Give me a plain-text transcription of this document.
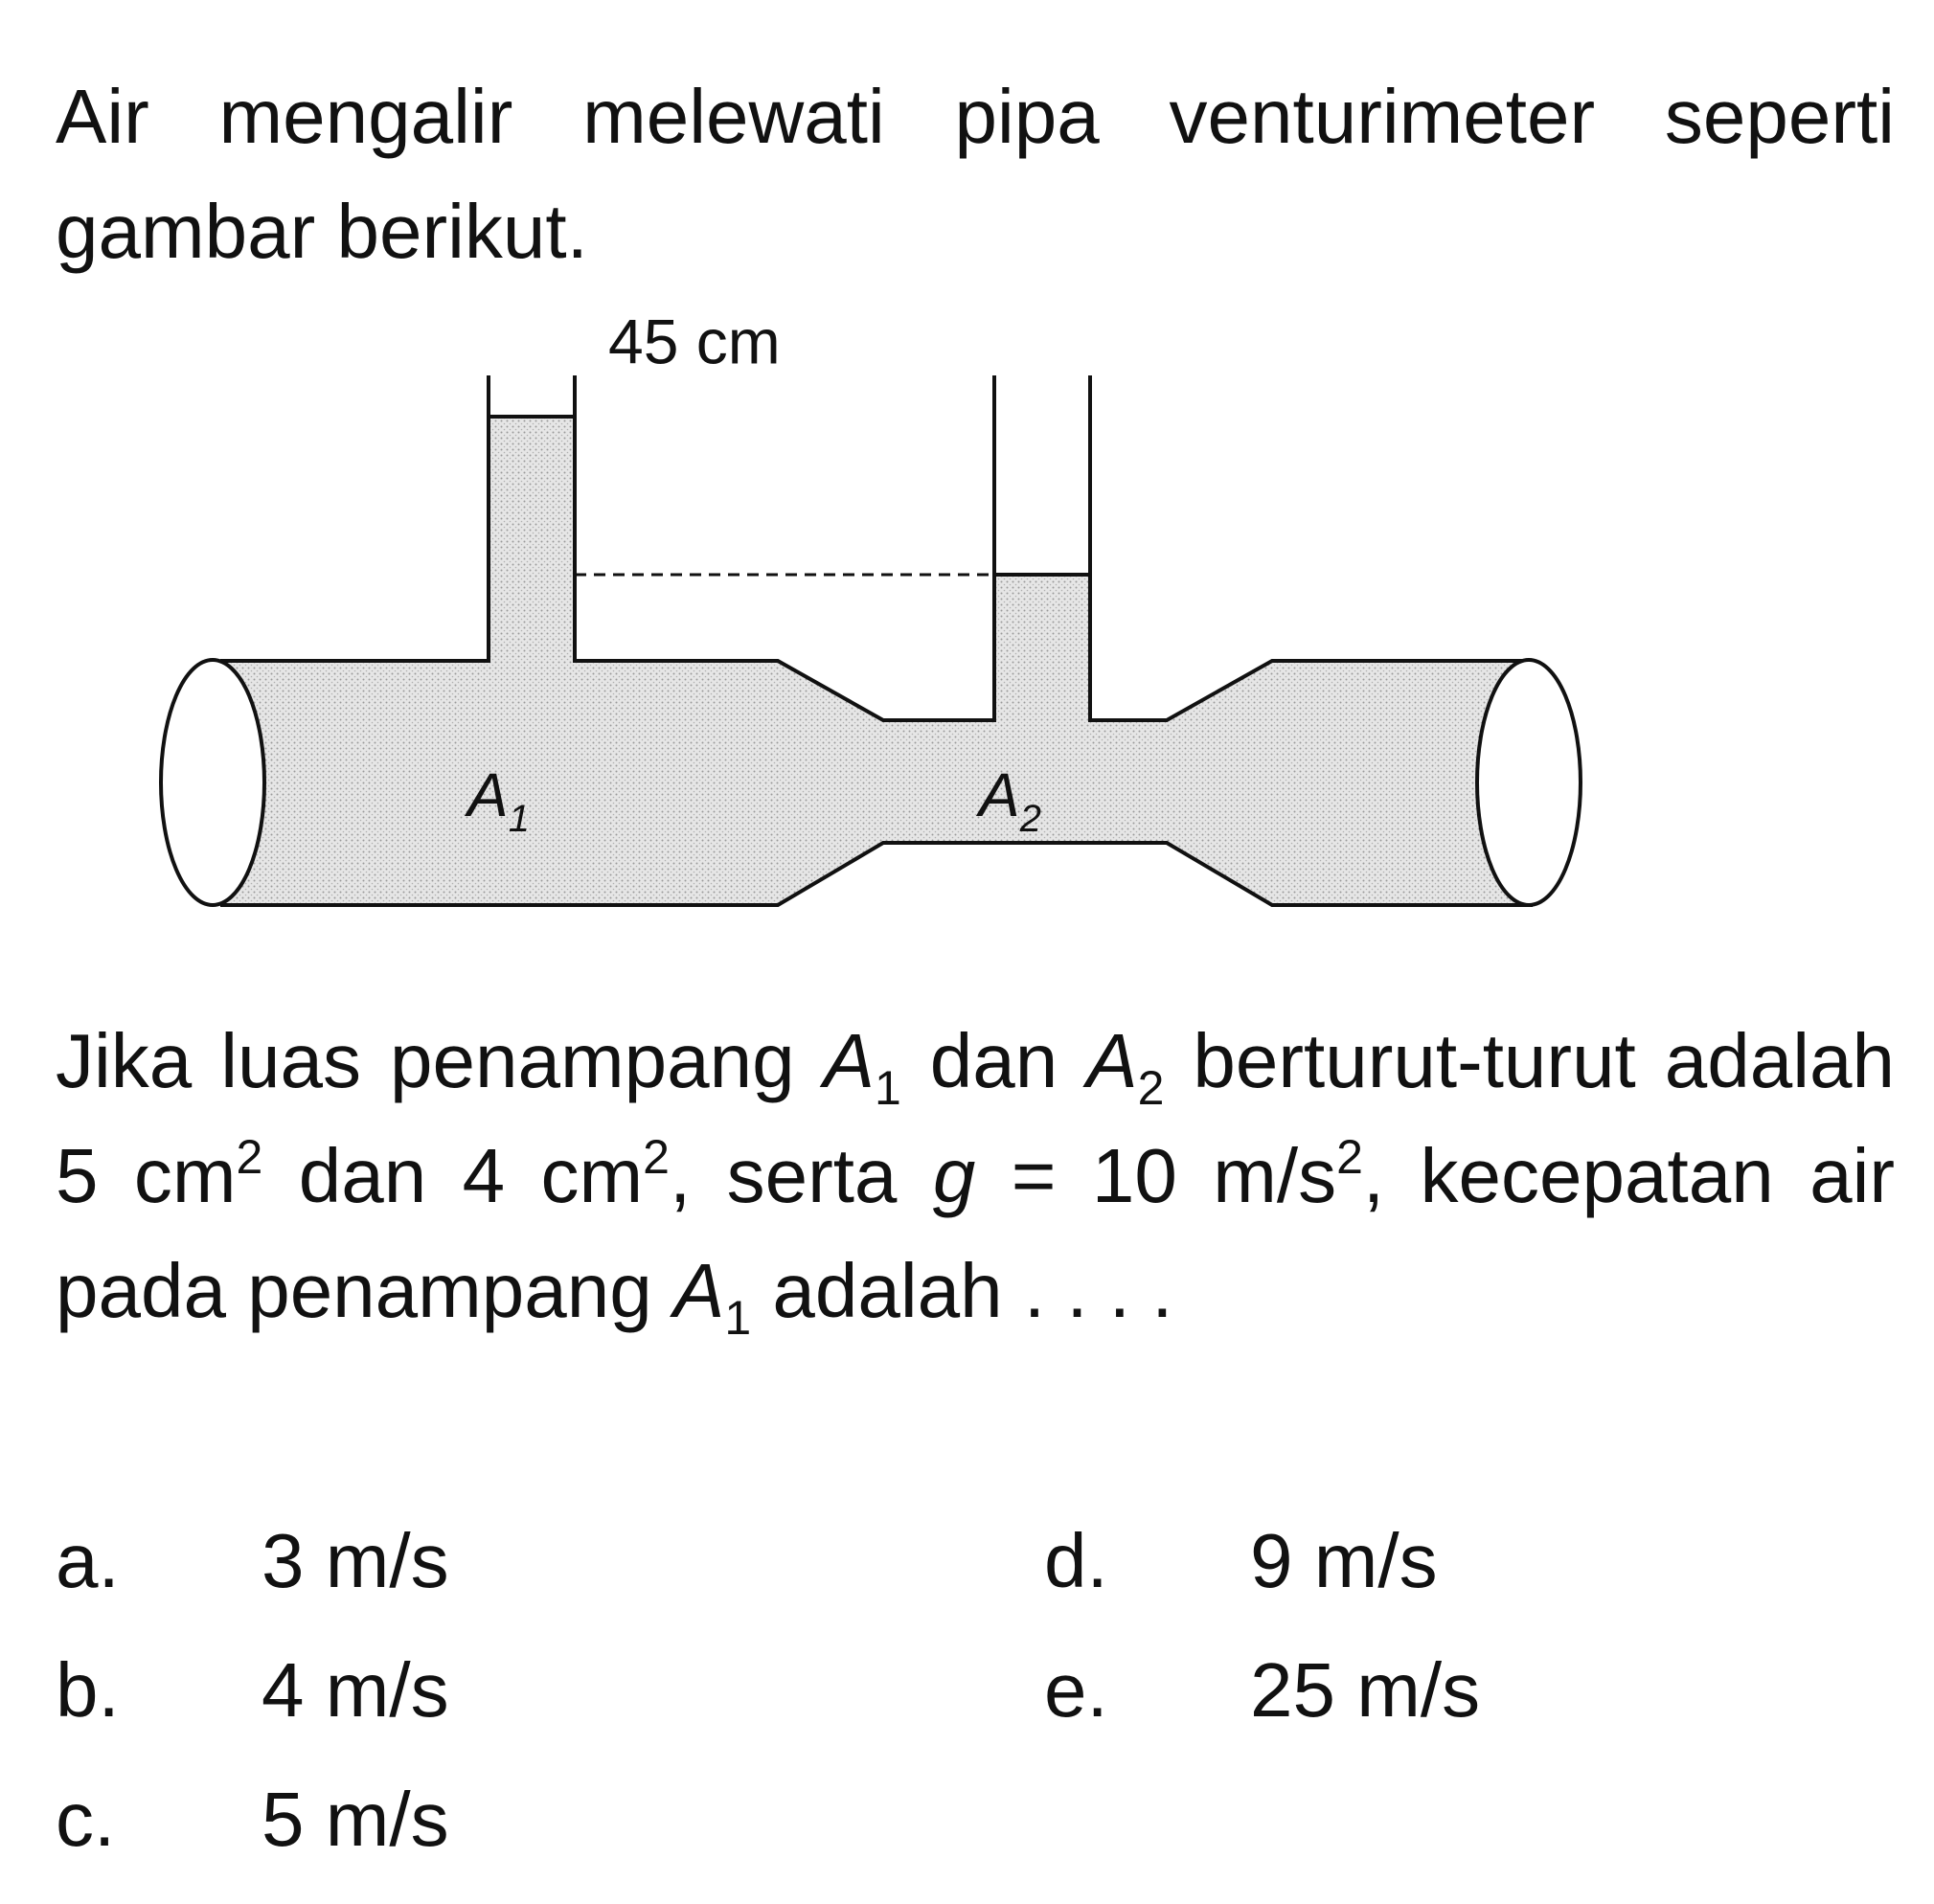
Air mengalir melewati pipa venturimeter seperti gambar berikut.
45 cm
$A_1$	$A_2$
Jika luas penampang $A_1$ dan $A_2$ berturut-turut adalah 5 $cm^2$ dan 4 $cm^2$, serta g = 10 $m/s^2$, kecepatan air pada penampang $A_1$ adalah . . . .
a. 3 m/s
b. 4 m/s
c. 5 m/s
d. 9 m/s
e. 25 m/s
